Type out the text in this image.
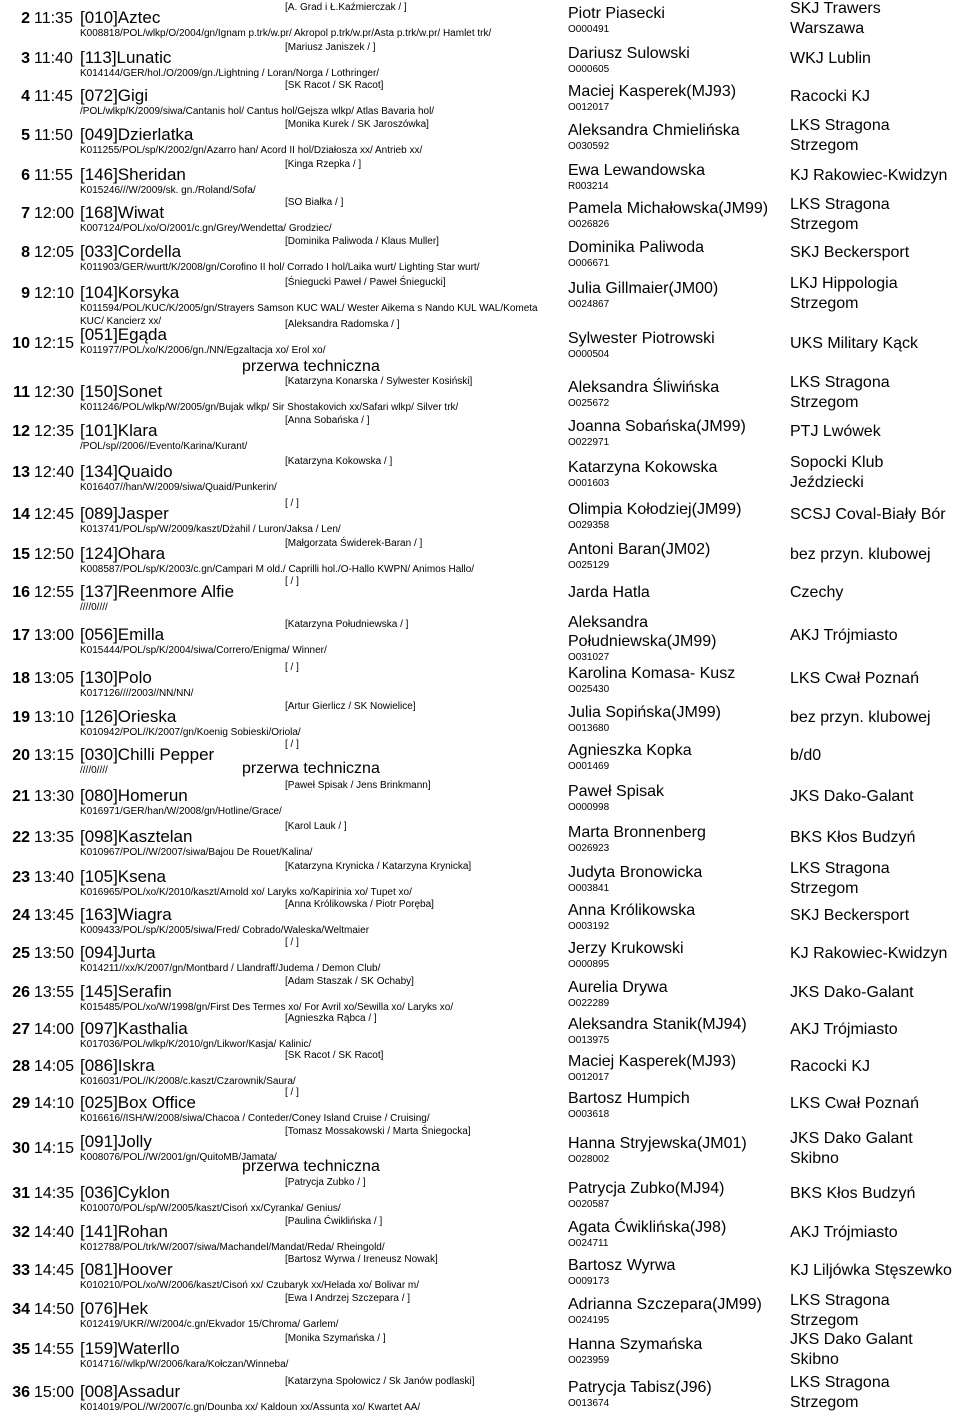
2 11:35
[A. Grad i Ł.Kaźmierczak / ]
[010]Aztec
K008818/POL/wlkp/O/2004/gn/Ignam p.trk/w.pr/ Akropol p.trk/w.pr/Asta p.trk/w.pr/ Hamlet trk/
Piotr Piasecki
O000491
SKJ Trawers
Warszawa
3 11:40
[Mariusz Janiszek / ]
[113]Lunatic
K014144/GER/hol./O/2009/gn./Lightning / Loran/Norga / Lothringer/
Dariusz Sulowski
O000605
WKJ Lublin
4 11:45
[SK Racot / SK Racot]
[072]Gigi
/POL/wlkp/K/2009/siwa/Cantanis hol/ Cantus hol/Gejsza wlkp/ Atlas Bavaria hol/
Maciej Kasperek(MJ93)
O012017
Racocki KJ
5 11:50
[Monika Kurek / SK Jaroszówka]
[049]Dzierlatka
K011255/POL/sp/K/2002/gn/Azarro han/ Acord II hol/Działosza xx/ Antrieb xx/
Aleksandra Chmielińska
O030592
LKS Stragona
Strzegom
6 11:55
[Kinga Rzepka / ]
[146]Sheridan
K015246///W/2009/sk. gn./Roland/Sofa/
Ewa Lewandowska
R003214
KJ Rakowiec-Kwidzyn
7 12:00
[SO Białka / ]
[168]Wiwat
K007124/POL/xo/O/2001/c.gn/Grey/Wendetta/ Grodziec/
Pamela Michałowska(JM99)
O026826
LKS Stragona
Strzegom
8 12:05
[Dominika Paliwoda / Klaus Muller]
[033]Cordella
K011903/GER/wurtt/K/2008/gn/Corofino II hol/ Corrado I hol/Laika wurt/ Lighting Star wurt/
Dominika Paliwoda
O006671
SKJ Beckersport
9 12:10
[Śniegucki Paweł / Paweł Śniegucki]
[104]Korsyka
K011594/POL/KUC/K/2005/gn/Strayers Samson KUC WAL/ Wester Aikema s Nando KUL WAL/Kometa
KUC/ Kancierz xx/
Julia Gillmaier(JM00)
O024867
LKJ Hippologia
Strzegom
10 12:15
[Aleksandra Radomska / ]
[051]Egąda
K011977/POL/xo/K/2006/gn./NN/Egzaltacja xo/ Erol xo/
Sylwester Piotrowski
O000504
UKS Military Kąck
11 12:30
[Katarzyna Konarska / Sylwester Kosiński]
[150]Sonet
K011246/POL/wlkp/W/2005/gn/Bujak wlkp/ Sir Shostakovich xx/Safari wlkp/ Silver trk/
Aleksandra Śliwińska
O025672
LKS Stragona
Strzegom
12 12:35
[Anna Sobańska / ]
[101]Klara
/POL/sp//2006//Evento/Karina/Kurant/
Joanna Sobańska(JM99)
O022971
PTJ Lwówek
13 12:40
[Katarzyna Kokowska / ]
[134]Quaido
K016407//han/W/2009/siwa/Quaid/Punkerin/
Katarzyna Kokowska
O001603
Sopocki Klub
Jeździecki
14 12:45
[ / ]
[089]Jasper
K013741/POL/sp/W/2009/kaszt/Dżahil / Luron/Jaksa / Len/
Olimpia Kołodziej(JM99)
O029358
SCSJ Coval-Biały Bór
15 12:50
[Małgorzata Świderek-Baran / ]
[124]Ohara
K008587/POL/sp/K/2003/c.gn/Campari M old./ Caprilli hol./O-Hallo KWPN/ Animos Hallo/
Antoni Baran(JM02)
O025129
bez przyn. klubowej
16 12:55
[ / ]
[137]Reenmore Alfie
////0////
Jarda Hatla	Czechy
17 13:00
[Katarzyna Południewska / ]
[056]Emilla
K015444/POL/sp/K/2004/siwa/Correro/Enigma/ Winner/
Aleksandra
Południewska(JM99)
O031027
AKJ Trójmiasto
18 13:05
[ / ]
[130]Polo
K017126////2003//NN/NN/
Karolina Komasa- Kusz
O025430
LKS Cwał Poznań
19 13:10
[Artur Gierlicz / SK Nowielice]
[126]Orieska
K010942/POL//K/2007/gn/Koenig Sobieski/Oriola/
Julia Sopińska(JM99)
O013680
bez przyn. klubowej
20 13:15
[ / ]
[030]Chilli Pepper
////0////
Agnieszka Kopka
O001469
b/d0
21 13:30
[Paweł Spisak / Jens Brinkmann]
[080]Homerun
K016971/GER/han/W/2008/gn/Hotline/Grace/
Paweł Spisak
O000998
JKS Dako-Galant
22 13:35
[Karol Lauk / ]
[098]Kasztelan
K010967/POL//W/2007/siwa/Bajou De Rouet/Kalina/
Marta Bronnenberg
O026923
BKS Kłos Budzyń
23 13:40
[Katarzyna Krynicka / Katarzyna Krynicka]
[105]Ksena
K016965/POL/xo/K/2010/kaszt/Arnold xo/ Laryks xo/Kapirinia xo/ Tupet xo/
Judyta Bronowicka
O003841
LKS Stragona
Strzegom
24 13:45
[Anna Królikowska / Piotr Poręba]
[163]Wiagra
K009433/POL/sp/K/2005/siwa/Fred/ Cobrado/Waleska/Weltmaier
Anna Królikowska
O003192
SKJ Beckersport
25 13:50
[ / ]
[094]Jurta
K014211//xx/K/2007/gn/Montbard / Llandraff/Judema / Demon Club/
Jerzy Krukowski
O000895
KJ Rakowiec-Kwidzyn
26 13:55
[Adam Staszak / SK Ochaby]
[145]Serafin
K015485/POL/xo/W/1998/gn/First Des Termes xo/ For Avril xo/Sewilla xo/ Laryks xo/
Aurelia Drywa
O022289
JKS Dako-Galant
27 14:00
[Agnieszka Rąbca / ]
[097]Kasthalia
K017036/POL/wlkp/K/2010/gn/Likwor/Kasja/ Kalinic/
Aleksandra Stanik(MJ94)
O013975
AKJ Trójmiasto
28 14:05
[SK Racot / SK Racot]
[086]Iskra
K016031/POL//K/2008/c.kaszt/Czarownik/Saura/
Maciej Kasperek(MJ93)
O012017
Racocki KJ
29 14:10
[ / ]
[025]Box Office
K016616//ISH/W/2008/siwa/Chacoa / Conteder/Coney Island Cruise / Cruising/
Bartosz Humpich
O003618
LKS Cwał Poznań
30 14:15
[Tomasz Mossakowski / Marta Śniegocka]
[091]Jolly
K008076/POL//W/2001/gn/QuitoMB/Jamata/
Hanna Stryjewska(JM01)
O028002
JKS Dako Galant
Skibno
31 14:35
[Patrycja Zubko / ]
[036]Cyklon
K010070/POL/sp/W/2005/kaszt/Cisoń xx/Cyranka/ Genius/
Patrycja Zubko(MJ94)
O020587
BKS Kłos Budzyń
32 14:40
[Paulina Ćwiklińska / ]
[141]Rohan
K012788/POL/trk/W/2007/siwa/Machandel/Mandat/Reda/ Rheingold/
Agata Ćwiklińska(J98)
O024711
AKJ Trójmiasto
33 14:45
[Bartosz Wyrwa / Ireneusz Nowak]
[081]Hoover
K010210/POL/xo/W/2006/kaszt/Cisoń xx/ Czubaryk xx/Helada xo/ Bolivar m/
Bartosz Wyrwa
O009173
KJ Liljówka Stęszewko
34 14:50
[Ewa I Andrzej Szczepara / ]
[076]Hek
K012419/UKR//W/2004/c.gn/Ekvador 15/Chroma/ Garlem/
Adrianna Szczepara(JM99)
O024195
LKS Stragona
Strzegom
35 14:55
[Monika Szymańska / ]
[159]Waterllo
K014716//wlkp/W/2006/kara/Kołczan/Winneba/
Hanna Szymańska
O023959
JKS Dako Galant
Skibno
36 15:00
[Katarzyna Społowicz / Sk Janów podlaski]
[008]Assadur
K014019/POL//W/2007/c.gn/Dounba xx/ Kaldoun xx/Assunta xo/ Kwartet AA/
Patrycja Tabisz(J96)
O013674
LKS Stragona
Strzegom
przerwa techniczna
przerwa techniczna
przerwa techniczna
